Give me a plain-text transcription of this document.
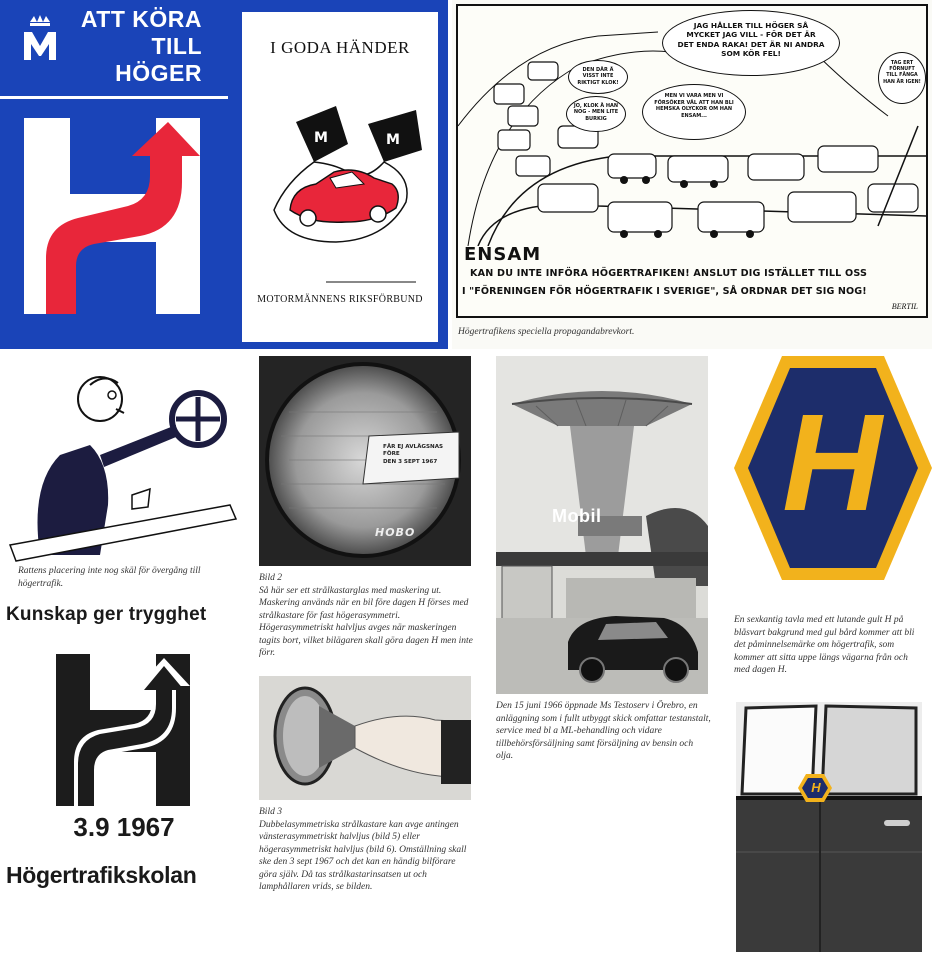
ATT KÖRA
TILL
HÖGER
I GODA HÄNDER
M	M
MOTORMÄNNENS RIKSFÖRBUND
JAG HÅLLER TILL HÖGER SÅ MYCKET JAG VILL - FÖR DET ÄR DET ENDA RAKA! DET ÄR NI ANDRA SOM KÖR FEL!
DEN DÄR Ä VISST INTE RIKTIGT KLOK!
JO, KLOK Ä HAN NOG - MEN LITE BURKIG
MEN VI VARA MEN VI FÖRSÖKER VÄL ATT HAN BLI HEMSKA OLYCKOR OM HAN ENSAM...
TAG ERT FÖRNUFT TILL FÅNGA HAN ÄR IGEN!
ENSAM
KAN DU INTE INFÖRA HÖGERTRAFIKEN! ANSLUT DIG ISTÄLLET TILL OSS
I "FÖRENINGEN FÖR HÖGERTRAFIK I SVERIGE", SÅ ORDNAR DET SIG NOG!
BERTIL
Högertrafikens speciella propagandabrevkort.
Rattens placering inte nog skäl för övergång till högertrafik.
Kunskap ger trygghet
3.9 1967
Högertrafikskolan
FÅR EJ AVLÄGSNAS FÖRE
DEN 3 SEPT 1967
HOBO
Bild 2
Så här ser ett strålkastarglas med maskering ut. Maskering används när en bil före dagen H förses med strålkastare för fast högerasymmetri. Högerasymmetriskt halvljus avges när maskeringen tagits bort, vilket bilägaren skall göra dagen H men inte förr.
Bild 3
Dubbelasymmetriska strålkastare kan avge antingen vänsterasymmetriskt halvljus (bild 5) eller högerasymmetriskt halvljus (bild 6). Omställning skall ske den 3 sept 1967 och det kan en händig bilförare göra själv. Då tas strålkastarinsatsen ut och lamphållaren vrids, se bilden.
Mobil
Den 15 juni 1966 öppnade Ms Testoserv i Örebro, en anläggning som i fullt utbyggt skick omfattar testanstalt, service med bl a ML-behandling och vidare tillbehörsförsäljning samt försäljning av bensin och olja.
H
En sexkantig tavla med ett lutande gult H på blåsvart bakgrund med gul bård kommer att bli det påminnelsemärke om högertrafik, som kommer att sitta uppe längs vägarna från och med dagen H.
H
